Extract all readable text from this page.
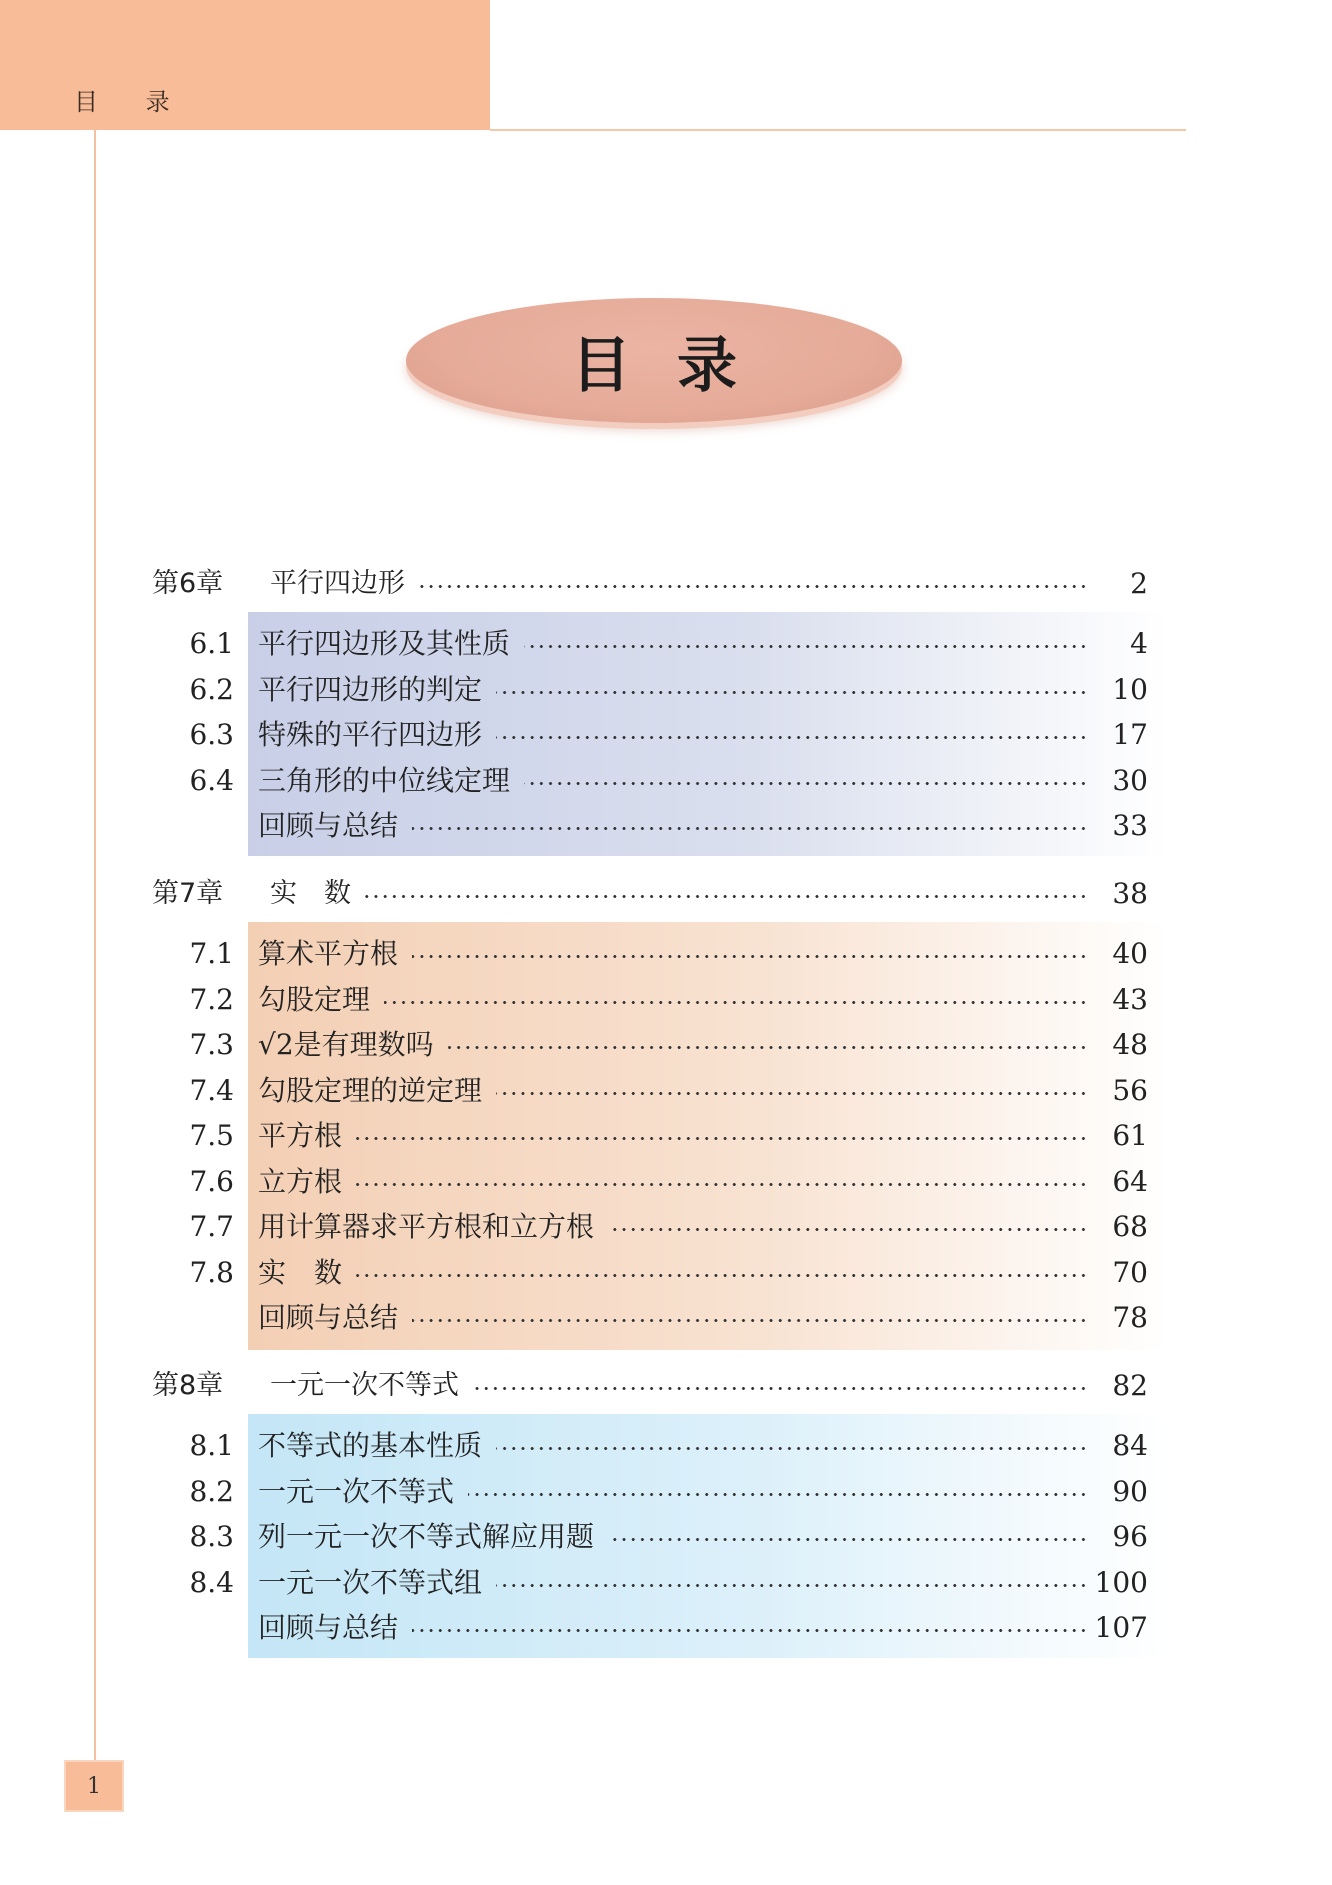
目 录
目录
第6章 平行四边形	2
6.1 平行四边形及其性质	4
6.2 平行四边形的判定	10
6.3 特殊的平行四边形	17
6.4 三角形的中位线定理	30
回顾与总结	33
第7章 实　数	38
7.1 算术平方根	40
7.2 勾股定理	43
7.3 √2是有理数吗	48
7.4 勾股定理的逆定理	56
7.5 平方根	61
7.6 立方根	64
7.7 用计算器求平方根和立方根	68
7.8 实　数	70
回顾与总结	78
第8章 一元一次不等式	82
8.1 不等式的基本性质	84
8.2 一元一次不等式	90
8.3 列一元一次不等式解应用题	96
8.4 一元一次不等式组	100
回顾与总结	107
1
